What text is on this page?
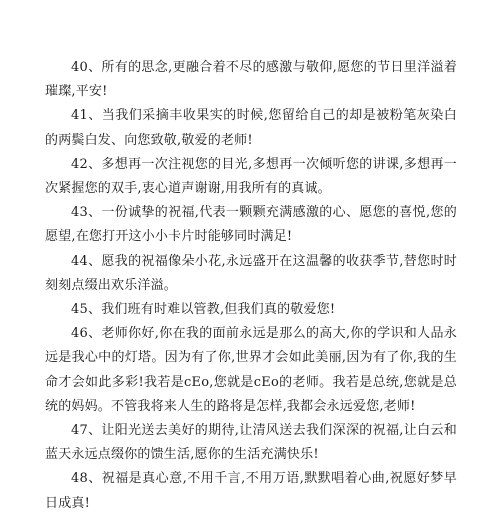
40、所有的思念,更融合着不尽的感激与敬仰,愿您的节日里洋溢着璀璨,平安!

41、当我们采摘丰收果实的时候,您留给自己的却是被粉笔灰染白的两鬓白发、向您致敬,敬爱的老师!

42、多想再一次注视您的目光,多想再一次倾听您的讲课,多想再一次紧握您的双手,衷心道声谢谢,用我所有的真诚。

43、一份诚挚的祝福,代表一颗颗充满感激的心、愿您的喜悦,您的愿望,在您打开这小小卡片时能够同时满足!

44、愿我的祝福像朵小花,永远盛开在这温馨的收获季节,替您时时刻刻点缀出欢乐洋溢。

45、我们班有时难以管教,但我们真的敬爱您!

46、老师你好,你在我的面前永远是那么的高大,你的学识和人品永远是我心中的灯塔。因为有了你,世界才会如此美丽,因为有了你,我的生命才会如此多彩!我若是cEo,您就是cEo的老师。我若是总统,您就是总统的妈妈。不管我将来人生的路将是怎样,我都会永远爱您,老师!

47、让阳光送去美好的期待,让清风送去我们深深的祝福,让白云和蓝天永远点缀你的馈生活,愿你的生活充满快乐!

48、祝福是真心意,不用千言,不用万语,默默唱着心曲,祝愿好梦早日成真!
